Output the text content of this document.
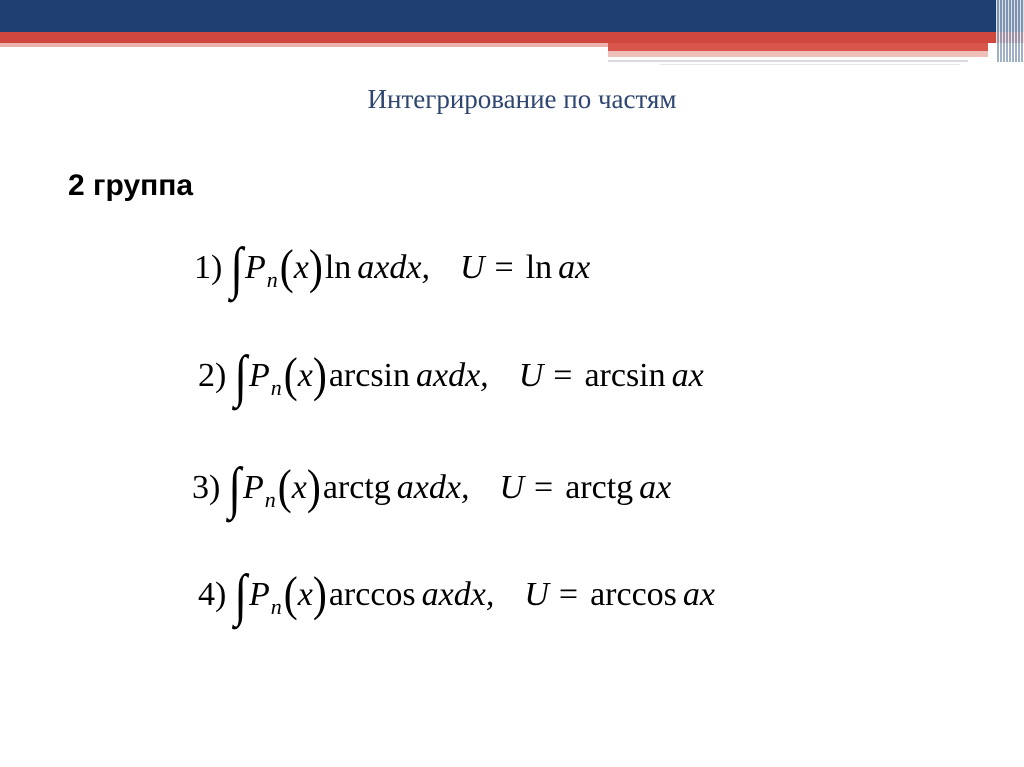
Интегрирование по частям
2 группа
1) ∫ P n ( x ) ln axdx, U = ln ax
2) ∫ P n ( x ) arcsin axdx, U = arcsin ax
3) ∫ P n ( x ) arctg axdx, U = arctg ax
4) ∫ P n ( x ) arccos axdx, U = arccos ax
